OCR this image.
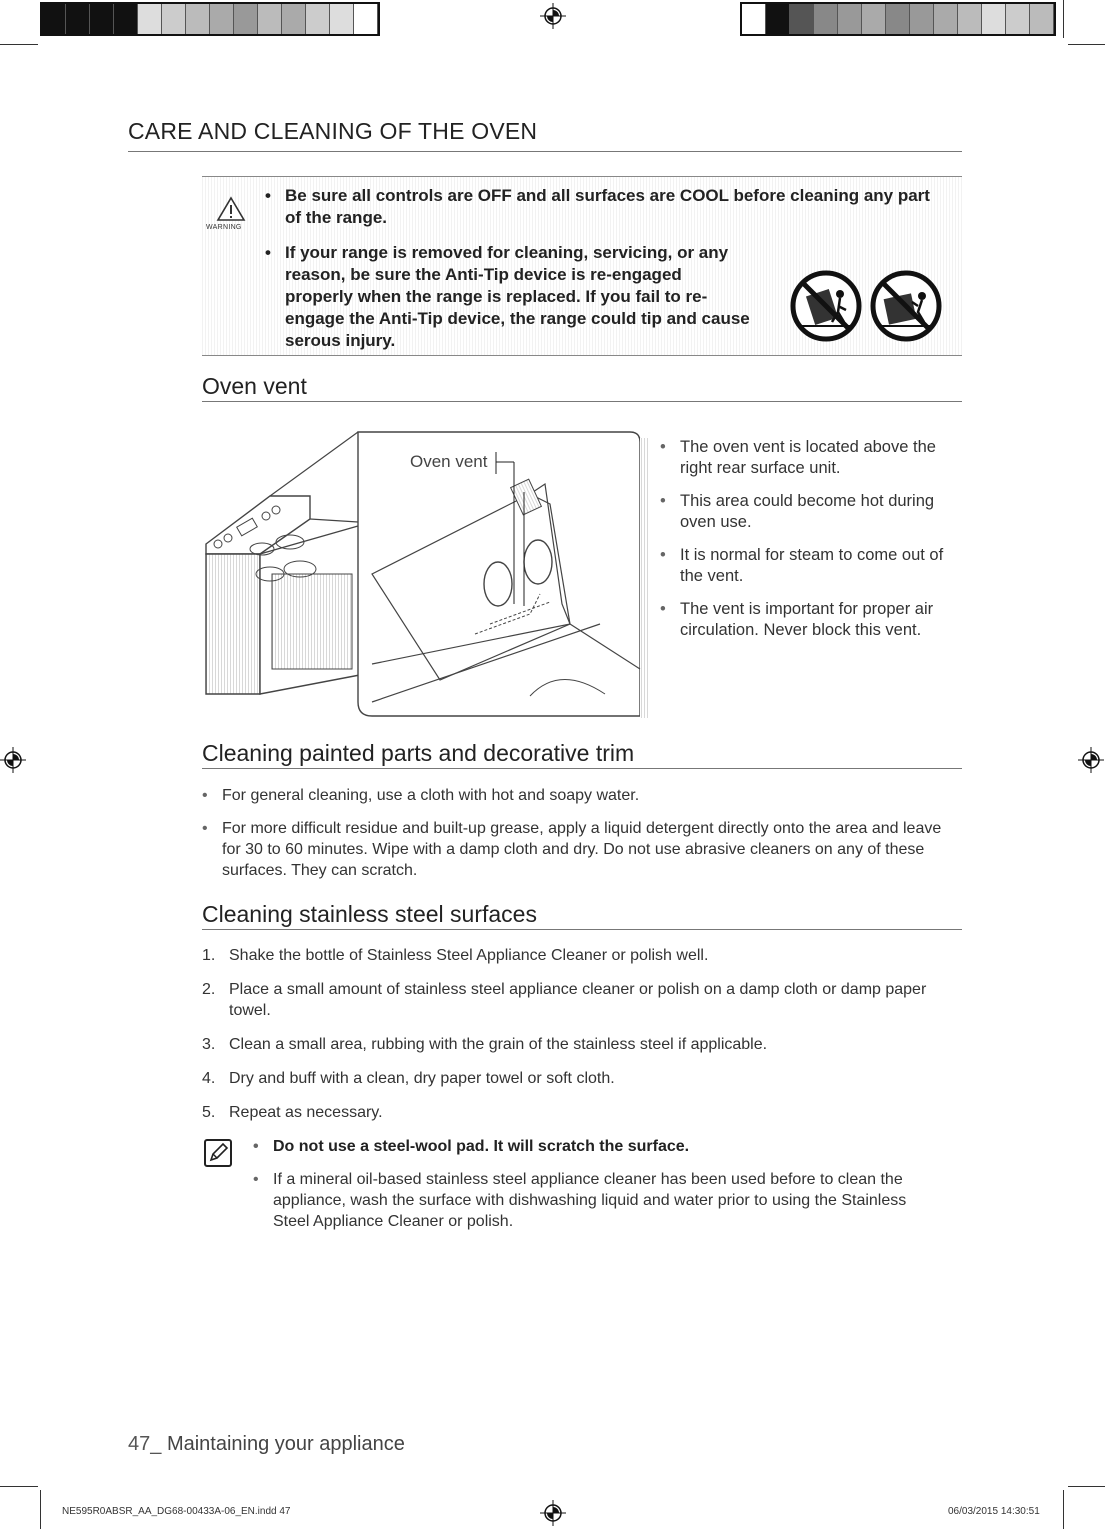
CARE AND CLEANING OF THE OVEN
WARNING
• Be sure all controls are OFF and all surfaces are COOL before cleaning any part of the range.
• If your range is removed for cleaning, servicing, or any reason, be sure the Anti-Tip device is re-engaged properly when the range is replaced. If you fail to re-engage the Anti-Tip device, the range could tip and cause serous injury.
Oven vent
Oven vent
• The oven vent is located above the right rear surface unit.
• This area could become hot during oven use.
• It is normal for steam to come out of the vent.
• The vent is important for proper air circulation. Never block this vent.
Cleaning painted parts and decorative trim
• For general cleaning, use a cloth with hot and soapy water.
• For more difficult residue and built-up grease, apply a liquid detergent directly onto the area and leave for 30 to 60 minutes. Wipe with a damp cloth and dry. Do not use abrasive cleaners on any of these surfaces. They can scratch.
Cleaning stainless steel surfaces
1. Shake the bottle of Stainless Steel Appliance Cleaner or polish well.
2. Place a small amount of stainless steel appliance cleaner or polish on a damp cloth or damp paper towel.
3. Clean a small area, rubbing with the grain of the stainless steel if applicable.
4. Dry and buff with a clean, dry paper towel or soft cloth.
5. Repeat as necessary.
• Do not use a steel-wool pad. It will scratch the surface.
• If a mineral oil-based stainless steel appliance cleaner has been used before to clean the appliance, wash the surface with dishwashing liquid and water prior to using the Stainless Steel Appliance Cleaner or polish.
47_ Maintaining your appliance
NE595R0ABSR_AA_DG68-00433A-06_EN.indd 47	06/03/2015 14:30:51
